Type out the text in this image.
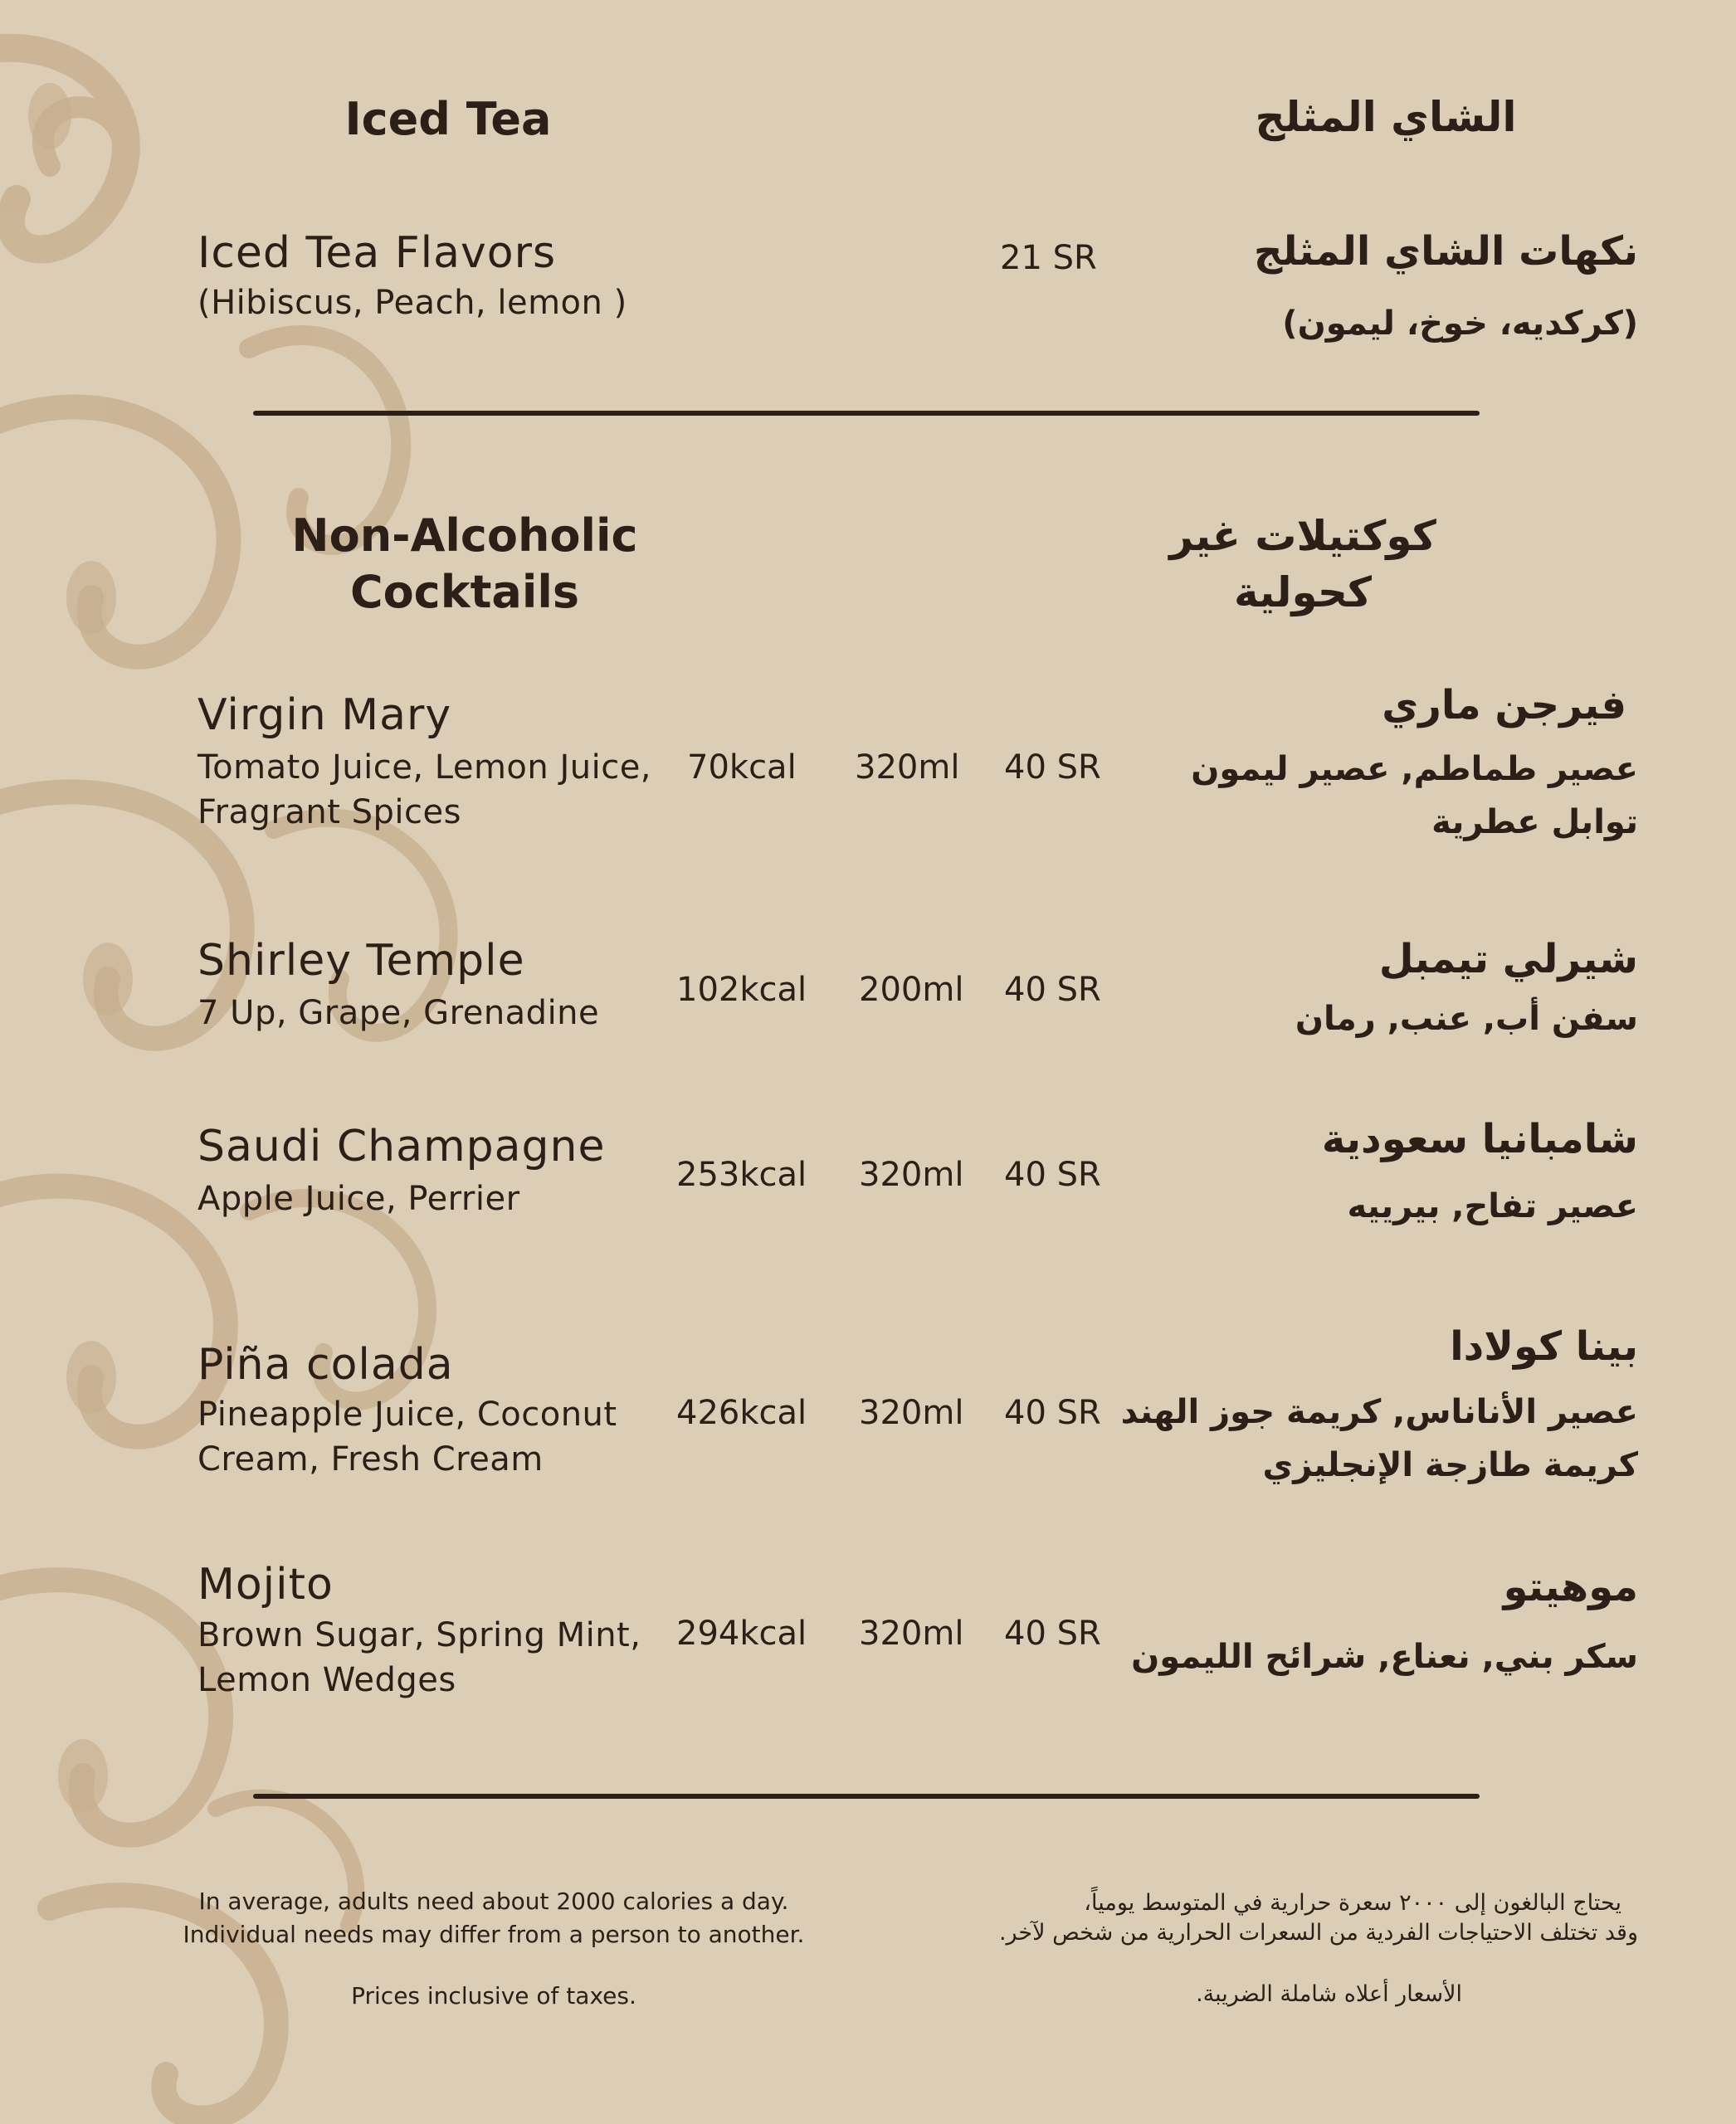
Iced Tea	الشاي المثلج
Iced Tea Flavors
(Hibiscus, Peach, lemon )
21 SR	نكهات الشاي المثلج
(كركديه، خوخ، ليمون)
Non-Alcoholic
Cocktails
كوكتيلات غير
كحولية
Virgin Mary
Tomato Juice, Lemon Juice,
Fragrant Spices
70kcal 320ml 40 SR
فيرجن ماري
عصير طماطم, عصير ليمون
توابل عطرية
Shirley Temple
7 Up, Grape, Grenadine
102kcal 200ml 40 SR
شيرلي تيمبل
سفن أب, عنب, رمان
Saudi Champagne
Apple Juice, Perrier
253kcal 320ml 40 SR
شامبانيا سعودية
عصير تفاح, بيرييه
Piña colada
Pineapple Juice, Coconut
Cream, Fresh Cream
426kcal 320ml 40 SR
بينا كولادا
عصير الأناناس, كريمة جوز الهند
كريمة طازجة الإنجليزي
Mojito
Brown Sugar, Spring Mint,
Lemon Wedges
294kcal 320ml 40 SR
موهيتو
سكر بني, نعناع, شرائح الليمون
In average, adults need about 2000 calories a day.
Individual needs may differ from a person to another.
Prices inclusive of taxes.
يحتاج البالغون إلى ٢٠٠٠ سعرة حرارية في المتوسط يومياً،
وقد تختلف الاحتياجات الفردية من السعرات الحرارية من شخص لآخر.
الأسعار أعلاه شاملة الضريبة.
